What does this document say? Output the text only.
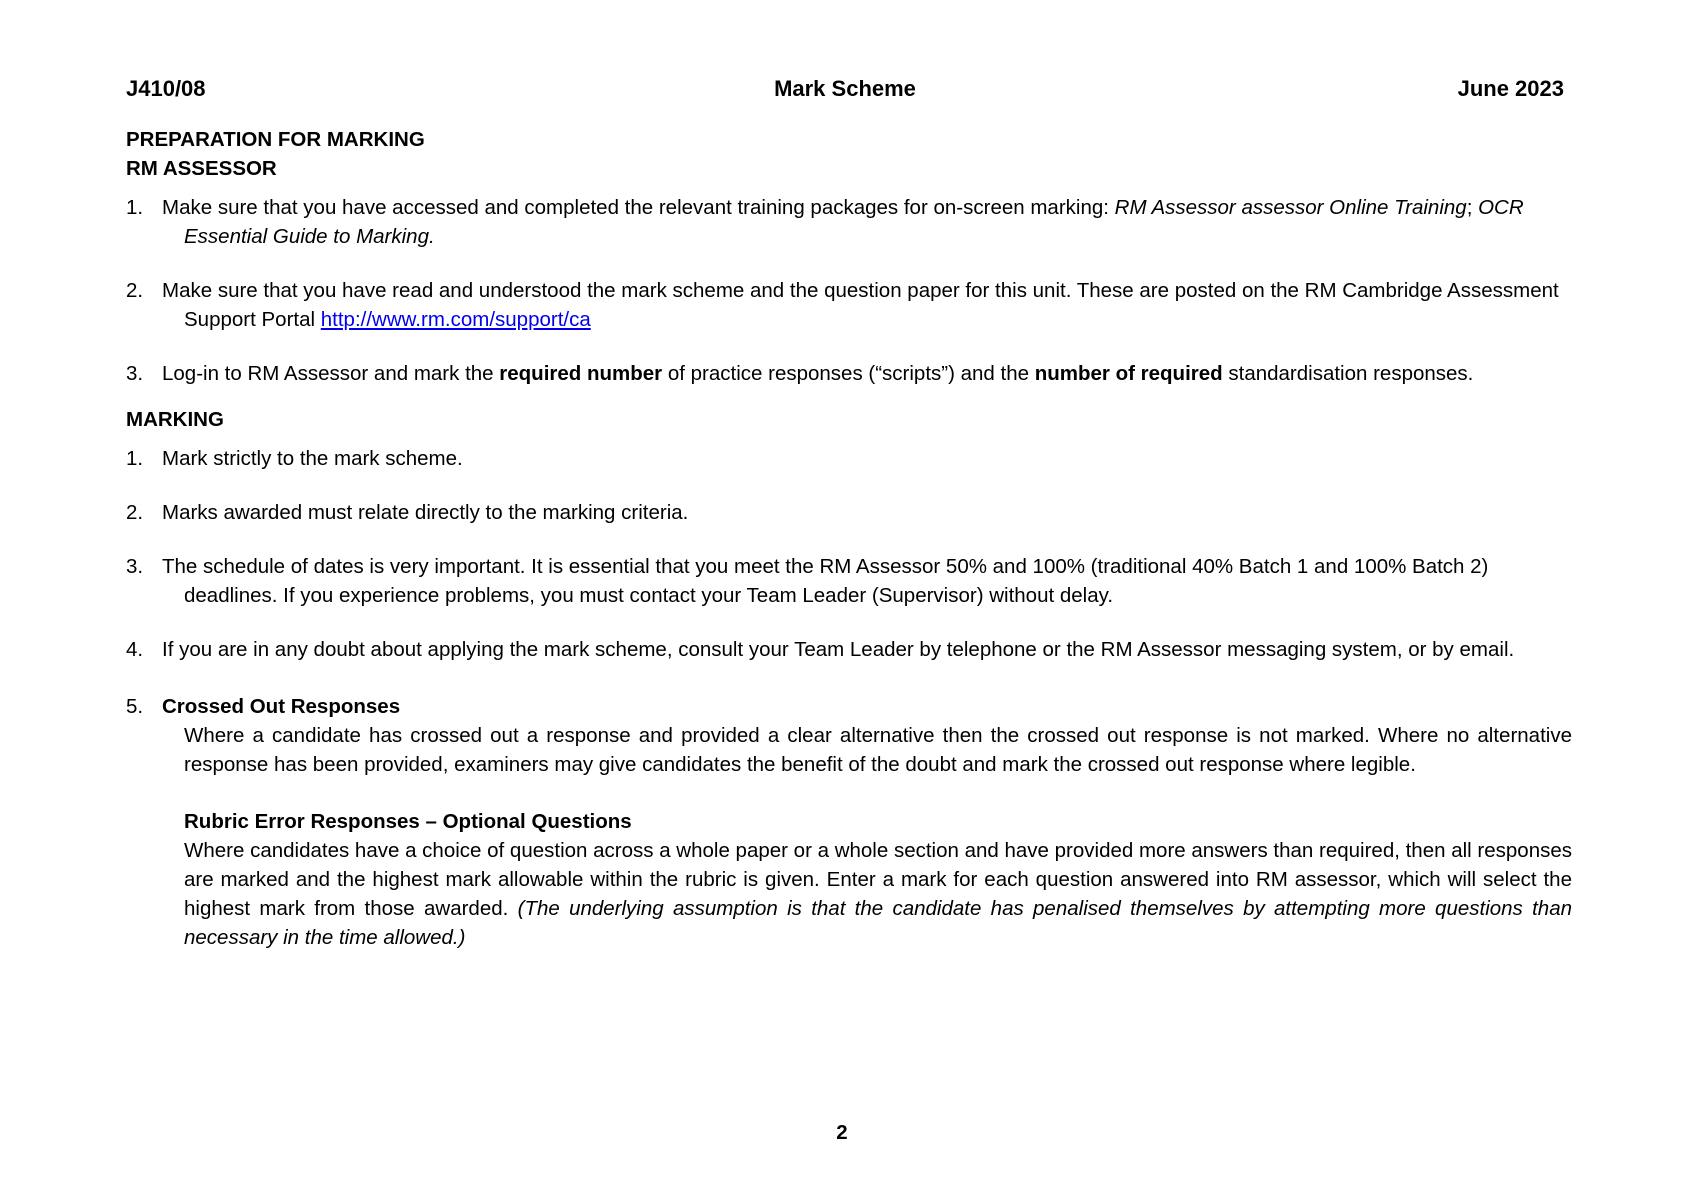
J410/08	Mark Scheme	June 2023

PREPARATION FOR MARKING

RM ASSESSOR

1. Make sure that you have accessed and completed the relevant training packages for on-screen marking: RM Assessor assessor Online Training; OCR Essential Guide to Marking.

2. Make sure that you have read and understood the mark scheme and the question paper for this unit. These are posted on the RM Cambridge Assessment Support Portal http://www.rm.com/support/ca

3. Log-in to RM Assessor and mark the required number of practice responses (“scripts”) and the number of required standardisation responses.

MARKING

1. Mark strictly to the mark scheme.

2. Marks awarded must relate directly to the marking criteria.

3. The schedule of dates is very important. It is essential that you meet the RM Assessor 50% and 100% (traditional 40% Batch 1 and 100% Batch 2) deadlines. If you experience problems, you must contact your Team Leader (Supervisor) without delay.

4. If you are in any doubt about applying the mark scheme, consult your Team Leader by telephone or the RM Assessor messaging system, or by email.

5. Crossed Out Responses

Where a candidate has crossed out a response and provided a clear alternative then the crossed out response is not marked. Where no alternative response has been provided, examiners may give candidates the benefit of the doubt and mark the crossed out response where legible.

Rubric Error Responses – Optional Questions

Where candidates have a choice of question across a whole paper or a whole section and have provided more answers than required, then all responses are marked and the highest mark allowable within the rubric is given. Enter a mark for each question answered into RM assessor, which will select the highest mark from those awarded. (The underlying assumption is that the candidate has penalised themselves by attempting more questions than necessary in the time allowed.)

2
